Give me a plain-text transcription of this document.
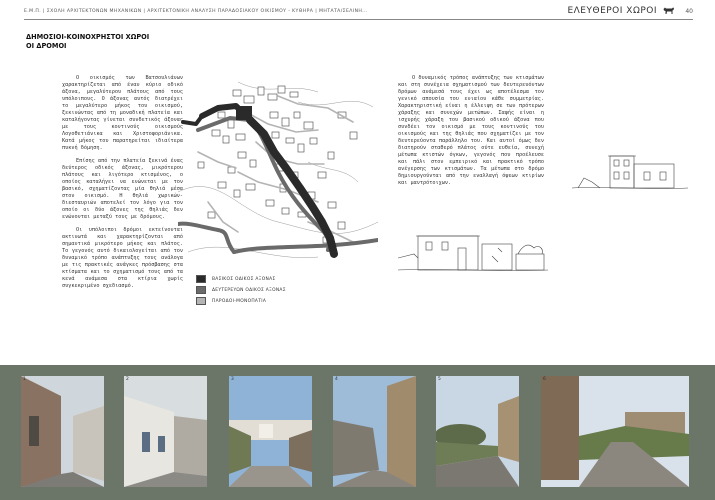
Ε.Μ.Π. | ΣΧΟΛΗ ΑΡΧΙΤΕΚΤΟΝΩΝ ΜΗΧΑΝΙΚΩΝ | ΑΡΧΙΤΕΚΤΟΝΙΚΗ ΑΝΑΛΥΣΗ ΠΑΡΑΔΟΣΙΑΚΟΥ ΟΙΚΙΣΜΟΥ - ΚΥΘΗΡΑ | ΜΗΤΑΤΑ/ΣΕΛΙΝΗ...	ΕΛΕΥΘΕΡΟΙ ΧΩΡΟΙ	40
ΔΗΜΟΣΙΟΙ-ΚΟΙΝΟΧΡΗΣΤΟΙ ΧΩΡΟΙ
ΟΙ ΔΡΟΜΟΙ

Ο οικισμός των Βατσουλιάνων χαρακτηρίζεται από έναν κύριο οδικό άξονα, μεγαλύτερου πλάτους από τους υπόλοιπους. Ο άξονας αυτός διατρέχει το μεγαλύτερο μήκος του οικισμού, ξεκινώντας από τη μοναδική πλατεία και καταλήγοντας γίνεται συνδετικός άξονας με τους κοντινούς οικισμούς Λογοθετιάνικα και Χριστοφοριάνικα. Κατά μήκος του παρατηρείται ιδιαίτερα πυκνή δόμηση.

Επίσης από την πλατεία ξεκινά ένας δεύτερος οδικός άξονας, μικρότερου πλάτους και λιγότερο κτισμένος, ο οποίος καταλήγει να ενώνεται με τον βασικό, σχηματίζοντας μία θηλιά μέσα στον οικισμό. Η θηλιά χωρικών-διεσταυριών αποτελεί τον λόγο για τον οποίο οι δύο άξονες της θηλιάς δεν ενώνονται μεταξύ τους με δρόμους.

Οι υπόλοιποι δρόμοι εκτείνονται ακτινωτά και χαρακτηρίζονται από σημαντικά μικρότερο μήκος και πλάτος. Το γεγονός αυτό δικαιολογείται από τον δυναμικό τρόπο ανάπτυξης τους ανάλογα με τις πρακτικές ανάγκες πρόσβασης στα κτίσματα και το σχηματισμό τους από τα κενά ανάμεσα στα κτίρια χωρίς συγκεκριμένο σχεδιασμό.

ΒΑΣΙΚΟΣ ΟΔΙΚΟΣ ΑΞΟΝΑΣ
ΔΕΥΤΕΡΕΥΩΝ ΟΔΙΚΟΣ ΑΞΟΝΑΣ
ΠΑΡΟΔΟΙ-ΜΟΝΟΠΑΤΙΑ

Ο δυναμικός τρόπος ανάπτυξης των κτισμάτων και στη συνέχεια σχηματισμού των δευτερευόντων δρόμων ανάμεσά τους έχει ως αποτέλεσμα τον γενικό απουσία του ενιαίου κάθε συμμετρίας. Χαρακτηριστική είναι η έλλειψη σε των πρότερων χάραξης και συνεχών μετώπων. Σαφής είναι η ισχυρής χάραξη του βασικού οδικού άξονα που συνδέει τον οικισμό με τους κοντινούς του οικισμούς και της θηλιάς που σχηματίζει με τον δευτερεύοντα παράλληλο του. Και αυτοί όμως δεν διατηρούν σταθερό πλάτος ούτε ευθεία, συνεχή μέτωπα κτιστών όγκων, γεγονός που προέλευσε και πάλι στον εμπειρικό και πρακτικό τρόπο ανέγερσης των κτισμάτων. Τα μέτωπα στο δρόμο δημιουργούνται από την εναλλαγή όψεων κτιρίων και μαντρότοιχων.

1	2	3	4	5	6
